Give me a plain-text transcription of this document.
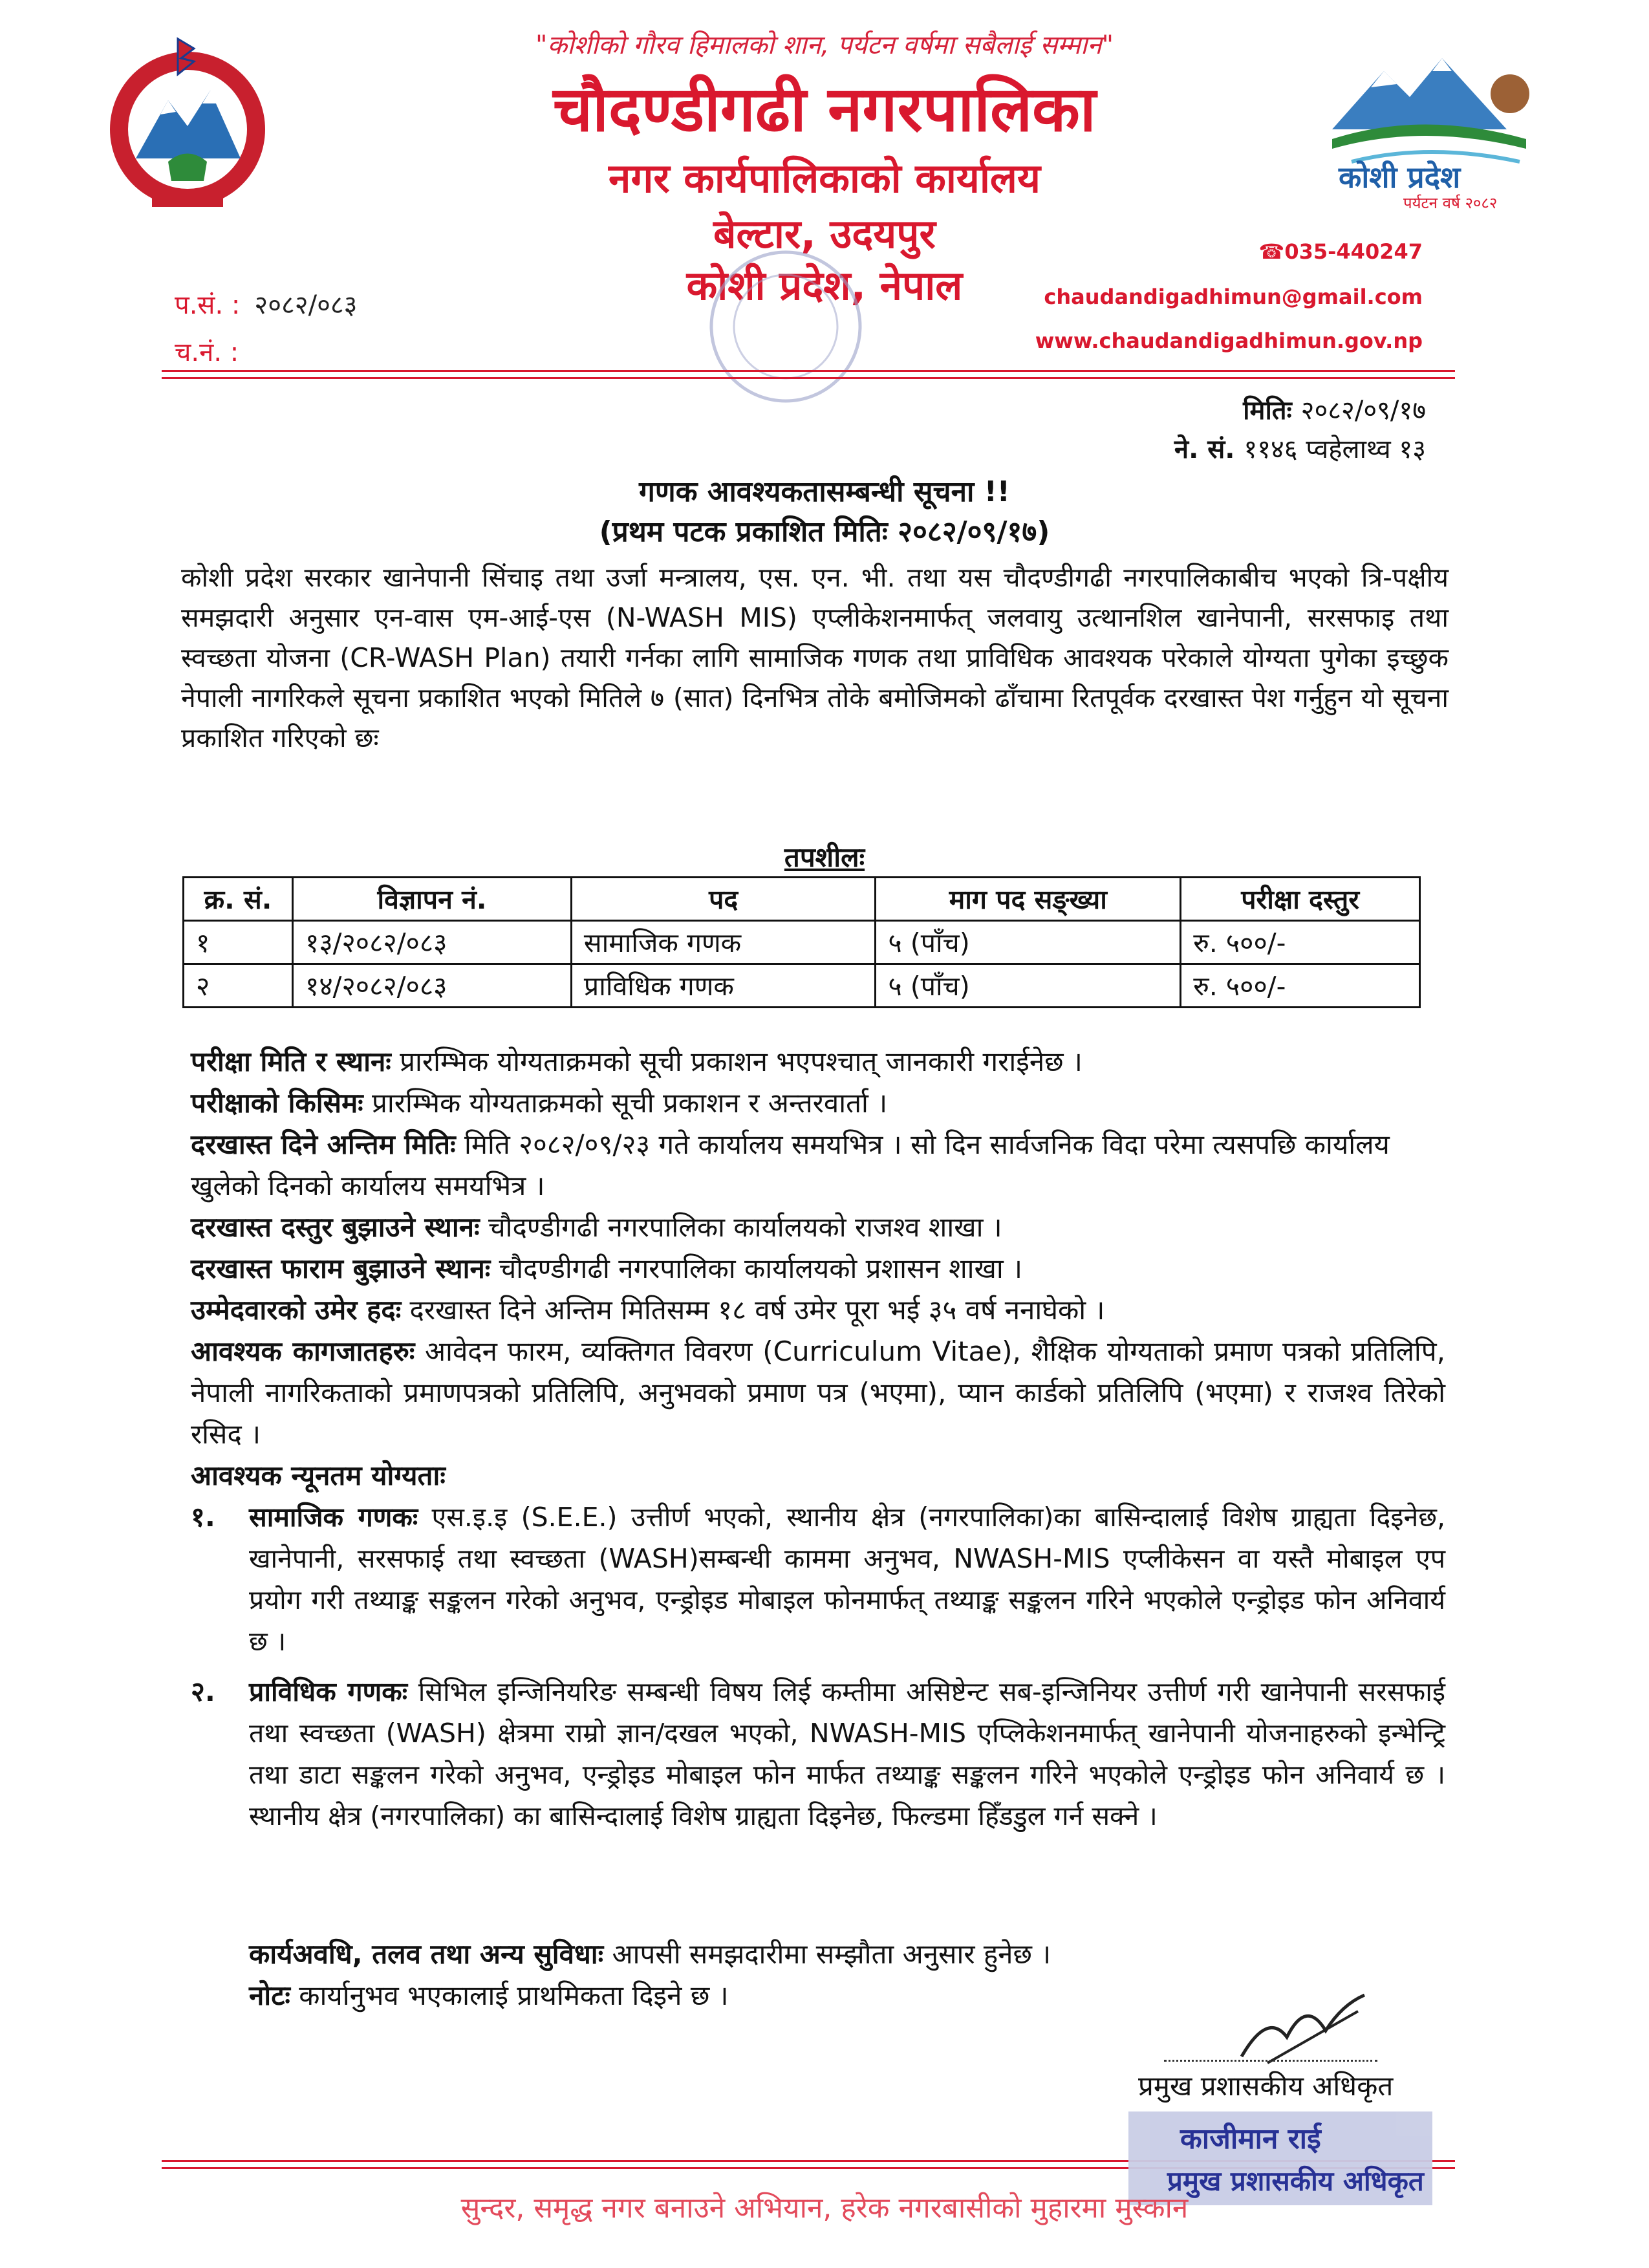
"कोशीको गौरव हिमालको शान, पर्यटन वर्षमा सबैलाई सम्मान"
चौदण्डीगढी नगरपालिका
नगर कार्यपालिकाको कार्यालय
बेल्टार, उदयपुर
कोशी प्रदेश, नेपाल
कोशी प्रदेश
पर्यटन वर्ष २०८२
प.सं. : २०८२/०८३
च.नं. :
☎035-440247
chaudandigadhimun@gmail.com
www.chaudandigadhimun.gov.np
मितिः २०८२/०९/१७
ने. सं. ११४६ प्वहेलाथ्व १३
गणक आवश्यकतासम्बन्धी सूचना !!
(प्रथम पटक प्रकाशित मितिः २०८२/०९/१७)
कोशी प्रदेश सरकार खानेपानी सिंचाइ तथा उर्जा मन्त्रालय, एस. एन. भी. तथा यस चौदण्डीगढी नगरपालिकाबीच भएको त्रि-पक्षीय समझदारी अनुसार एन-वास एम-आई-एस (N-WASH MIS) एप्लीकेशनमार्फत् जलवायु उत्थानशिल खानेपानी, सरसफाइ तथा स्वच्छता योजना (CR-WASH Plan) तयारी गर्नका लागि सामाजिक गणक तथा प्राविधिक आवश्यक परेकाले योग्यता पुगेका इच्छुक नेपाली नागरिकले सूचना प्रकाशित भएको मितिले ७ (सात) दिनभित्र तोके बमोजिमको ढाँचामा रितपूर्वक दरखास्त पेश गर्नुहुन यो सूचना प्रकाशित गरिएको छः
तपशीलः
क्र. सं.	विज्ञापन नं.	पद	माग पद सङ्ख्या	परीक्षा दस्तुर
१	१३/२०८२/०८३	सामाजिक गणक	५ (पाँच)	रु. ५००/-
२	१४/२०८२/०८३	प्राविधिक गणक	५ (पाँच)	रु. ५००/-
परीक्षा मिति र स्थानः प्रारम्भिक योग्यताक्रमको सूची प्रकाशन भएपश्चात् जानकारी गराईनेछ ।
परीक्षाको किसिमः प्रारम्भिक योग्यताक्रमको सूची प्रकाशन र अन्तरवार्ता ।
दरखास्त दिने अन्तिम मितिः मिति २०८२/०९/२३ गते कार्यालय समयभित्र । सो दिन सार्वजनिक विदा परेमा त्यसपछि कार्यालय खुलेको दिनको कार्यालय समयभित्र ।
दरखास्त दस्तुर बुझाउने स्थानः चौदण्डीगढी नगरपालिका कार्यालयको राजश्व शाखा ।
दरखास्त फाराम बुझाउने स्थानः चौदण्डीगढी नगरपालिका कार्यालयको प्रशासन शाखा ।
उम्मेदवारको उमेर हदः दरखास्त दिने अन्तिम मितिसम्म १८ वर्ष उमेर पूरा भई ३५ वर्ष ननाघेको ।
आवश्यक कागजातहरुः आवेदन फारम, व्यक्तिगत विवरण (Curriculum Vitae), शैक्षिक योग्यताको प्रमाण पत्रको प्रतिलिपि, नेपाली नागरिकताको प्रमाणपत्रको प्रतिलिपि, अनुभवको प्रमाण पत्र (भएमा), प्यान कार्डको प्रतिलिपि (भएमा) र राजश्व तिरेको रसिद ।
आवश्यक न्यूनतम योग्यताः
१. सामाजिक गणकः एस.इ.इ (S.E.E.) उत्तीर्ण भएको, स्थानीय क्षेत्र (नगरपालिका)का बासिन्दालाई विशेष ग्राह्यता दिइनेछ, खानेपानी, सरसफाई तथा स्वच्छता (WASH)सम्बन्धी काममा अनुभव, NWASH-MIS एप्लीकेसन वा यस्तै मोबाइल एप प्रयोग गरी तथ्याङ्क सङ्कलन गरेको अनुभव, एन्ड्रोइड मोबाइल फोनमार्फत् तथ्याङ्क सङ्कलन गरिने भएकोले एन्ड्रोइड फोन अनिवार्य छ ।
२. प्राविधिक गणकः सिभिल इन्जिनियरिङ सम्बन्धी विषय लिई कम्तीमा असिष्टेन्ट सब-इन्जिनियर उत्तीर्ण गरी खानेपानी सरसफाई तथा स्वच्छता (WASH) क्षेत्रमा राम्रो ज्ञान/दखल भएको, NWASH-MIS एप्लिकेशनमार्फत् खानेपानी योजनाहरुको इन्भेन्ट्रि तथा डाटा सङ्कलन गरेको अनुभव, एन्ड्रोइड मोबाइल फोन मार्फत तथ्याङ्क सङ्कलन गरिने भएकोले एन्ड्रोइड फोन अनिवार्य छ । स्थानीय क्षेत्र (नगरपालिका) का बासिन्दालाई विशेष ग्राह्यता दिइनेछ, फिल्डमा हिँडडुल गर्न सक्ने ।
कार्यअवधि, तलव तथा अन्य सुविधाः आपसी समझदारीमा सम्झौता अनुसार हुनेछ ।
नोटः कार्यानुभव भएकालाई प्राथमिकता दिइने छ ।
प्रमुख प्रशासकीय अधिकृत
काजीमान राई
प्रमुख प्रशासकीय अधिकृत
सुन्दर, समृद्ध नगर बनाउने अभियान, हरेक नगरबासीको मुहारमा मुस्कान
